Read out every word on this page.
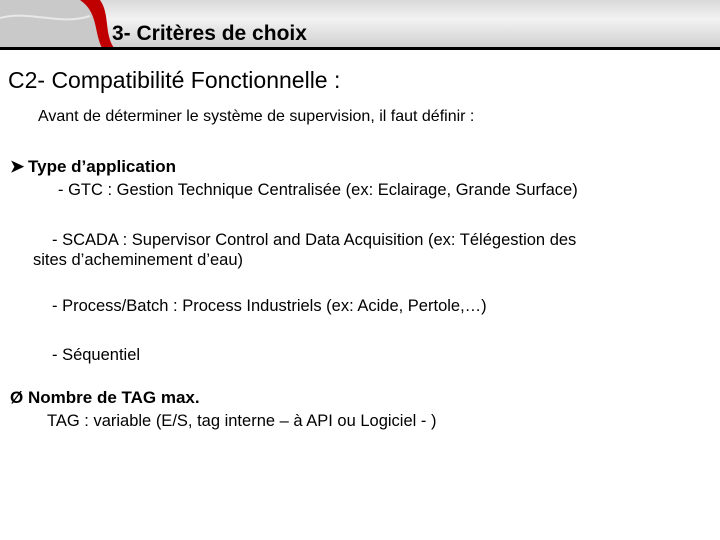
3- Critères de choix
C2- Compatibilité Fonctionnelle :
Avant de déterminer le système de supervision, il faut définir :
➤ Type d’application
- GTC : Gestion Technique Centralisée (ex: Eclairage, Grande Surface)
- SCADA : Supervisor Control and Data Acquisition (ex: Télégestion des
sites d’acheminement d’eau)
- Process/Batch : Process Industriels (ex: Acide, Pertole,…)
- Séquentiel
Ø Nombre de TAG max.
TAG : variable (E/S, tag interne – à API ou Logiciel - )
